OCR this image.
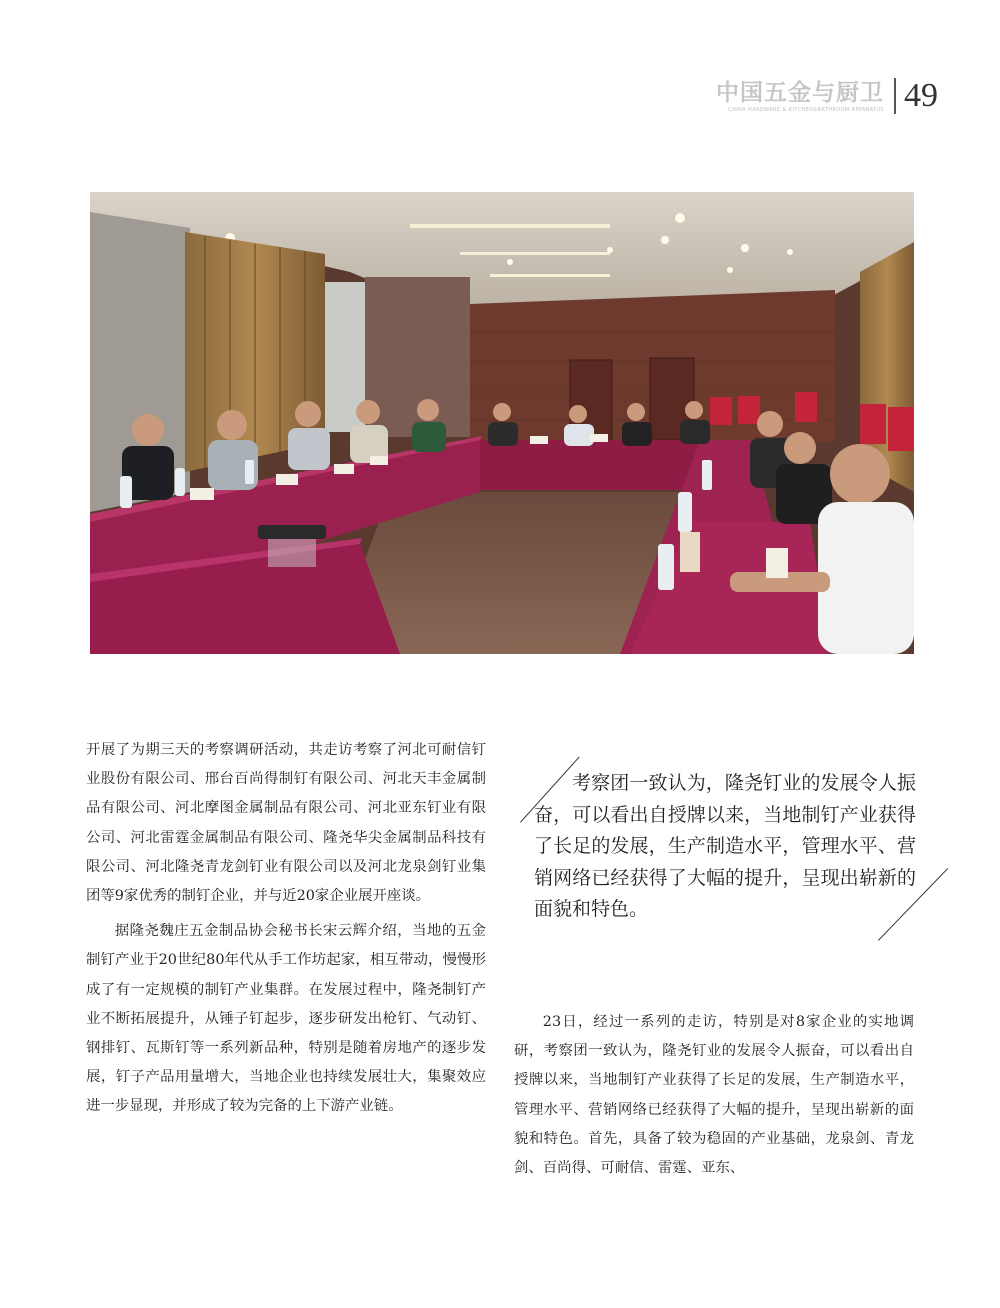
中国五金与厨卫
CHINA HARDWARE & KITCHEN&BATHROOM APPARATUS 49

开展了为期三天的考察调研活动，共走访考察了河北可耐信钉业股份有限公司、邢台百尚得制钉有限公司、河北天丰金属制品有限公司、河北摩图金属制品有限公司、河北亚东钉业有限公司、河北雷霆金属制品有限公司、隆尧华尖金属制品科技有限公司、河北隆尧青龙剑钉业有限公司以及河北龙泉剑钉业集团等9家优秀的制钉企业，并与近20家企业展开座谈。

据隆尧魏庄五金制品协会秘书长宋云辉介绍，当地的五金制钉产业于20世纪80年代从手工作坊起家，相互带动，慢慢形成了有一定规模的制钉产业集群。在发展过程中，隆尧制钉产业不断拓展提升，从锤子钉起步，逐步研发出枪钉、气动钉、钢排钉、瓦斯钉等一系列新品种，特别是随着房地产的逐步发展，钉子产品用量增大，当地企业也持续发展壮大，集聚效应进一步显现，并形成了较为完备的上下游产业链。

考察团一致认为，隆尧钉业的发展令人振奋，可以看出自授牌以来，当地制钉产业获得了长足的发展，生产制造水平，管理水平、营销网络已经获得了大幅的提升，呈现出崭新的面貌和特色。

23日，经过一系列的走访，特别是对8家企业的实地调研，考察团一致认为，隆尧钉业的发展令人振奋，可以看出自授牌以来，当地制钉产业获得了长足的发展，生产制造水平，管理水平、营销网络已经获得了大幅的提升，呈现出崭新的面貌和特色。首先，具备了较为稳固的产业基础，龙泉剑、青龙剑、百尚得、可耐信、雷霆、亚东、
